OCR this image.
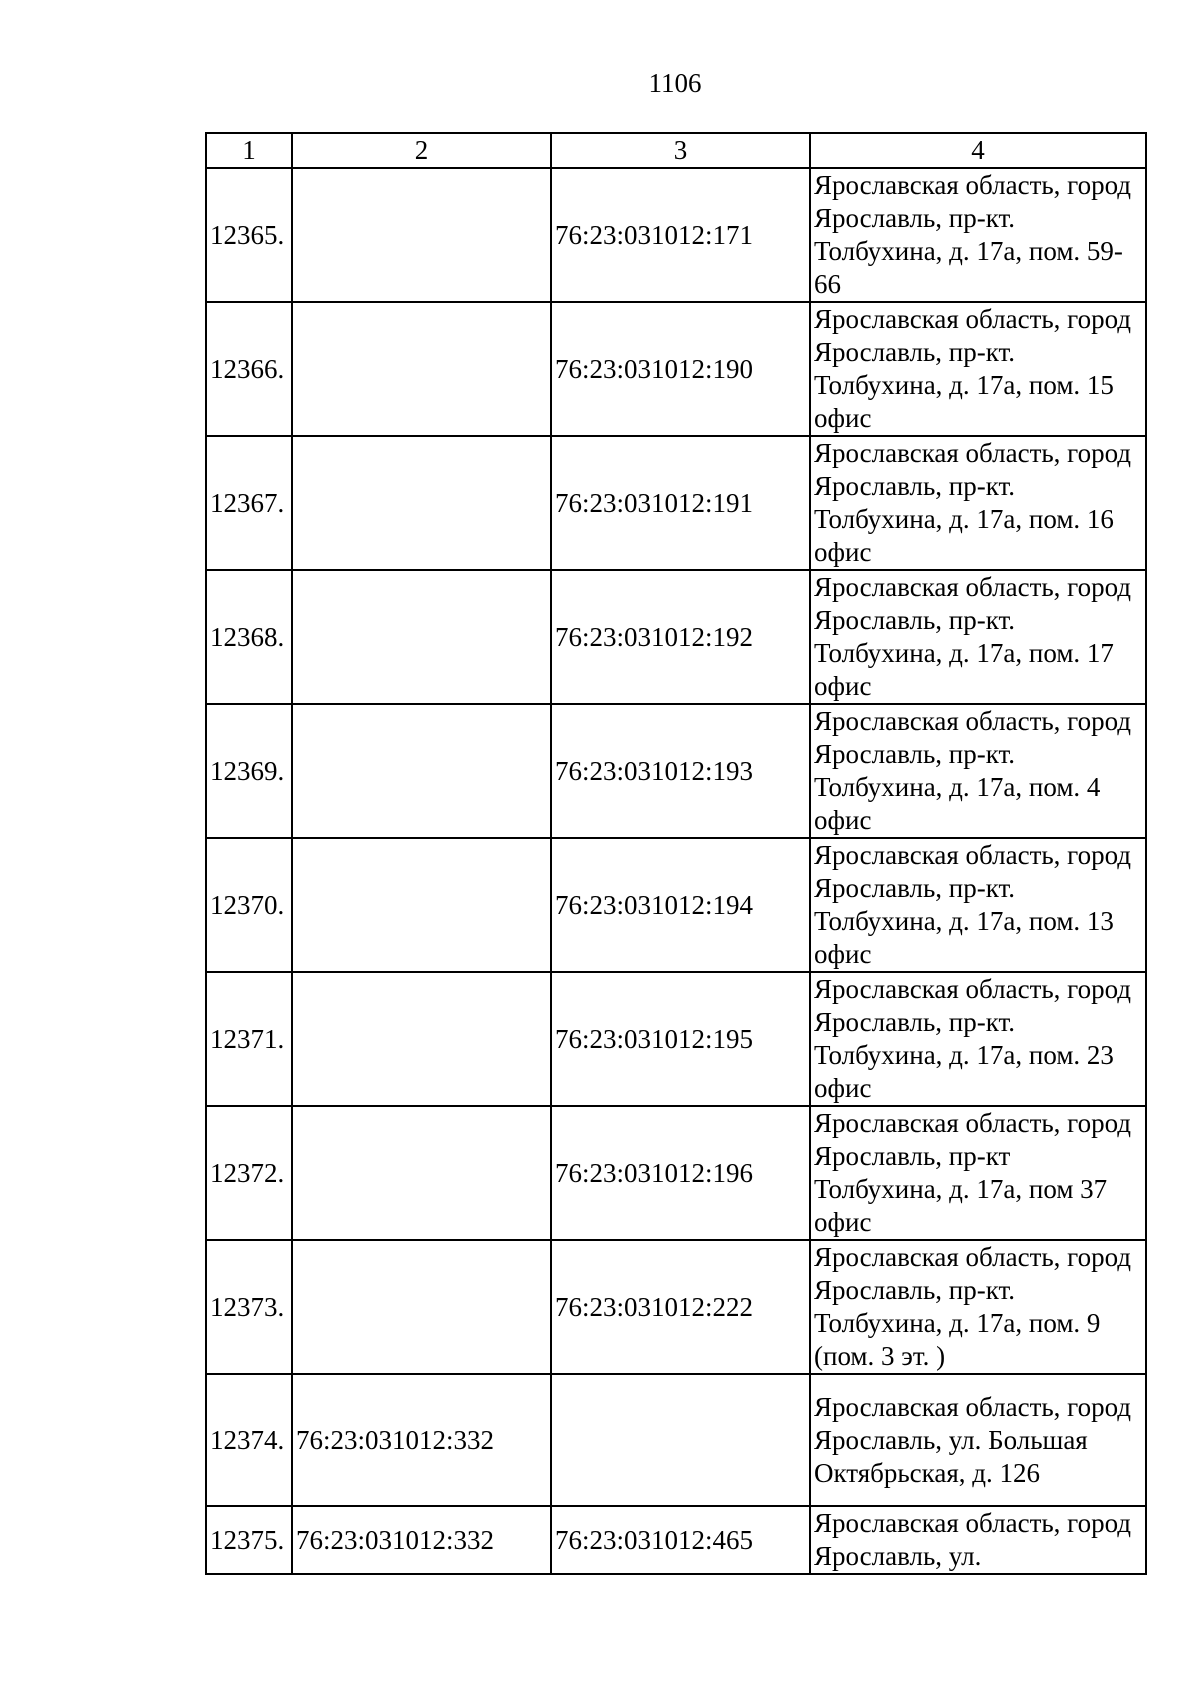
1106
1	2	3	4
12365.		76:23:031012:171	Ярославская область, город Ярославль, пр-кт. Толбухина, д. 17а, пом. 59-66

12366.		76:23:031012:190	Ярославская область, город Ярославль, пр-кт. Толбухина, д. 17а, пом. 15 офис

12367.		76:23:031012:191	Ярославская область, город Ярославль, пр-кт. Толбухина, д. 17а, пом. 16 офис

12368.		76:23:031012:192	Ярославская область, город Ярославль, пр-кт. Толбухина, д. 17а, пом. 17 офис

12369.		76:23:031012:193	Ярославская область, город Ярославль, пр-кт. Толбухина, д. 17а, пом. 4 офис

12370.		76:23:031012:194	Ярославская область, город Ярославль, пр-кт. Толбухина, д. 17а, пом. 13 офис

12371.		76:23:031012:195	Ярославская область, город Ярославль, пр-кт. Толбухина, д. 17а, пом. 23 офис

12372.		76:23:031012:196	Ярославская область, город Ярославль, пр-кт Толбухина, д. 17а, пом 37 офис

12373.		76:23:031012:222	Ярославская область, город Ярославль, пр-кт. Толбухина, д. 17а, пом. 9 (пом. 3 эт. )

12374.	76:23:031012:332		Ярославская область, город Ярославль, ул. Большая Октябрьская, д. 126

12375.	76:23:031012:332	76:23:031012:465	Ярославская область, город Ярославль, ул.
